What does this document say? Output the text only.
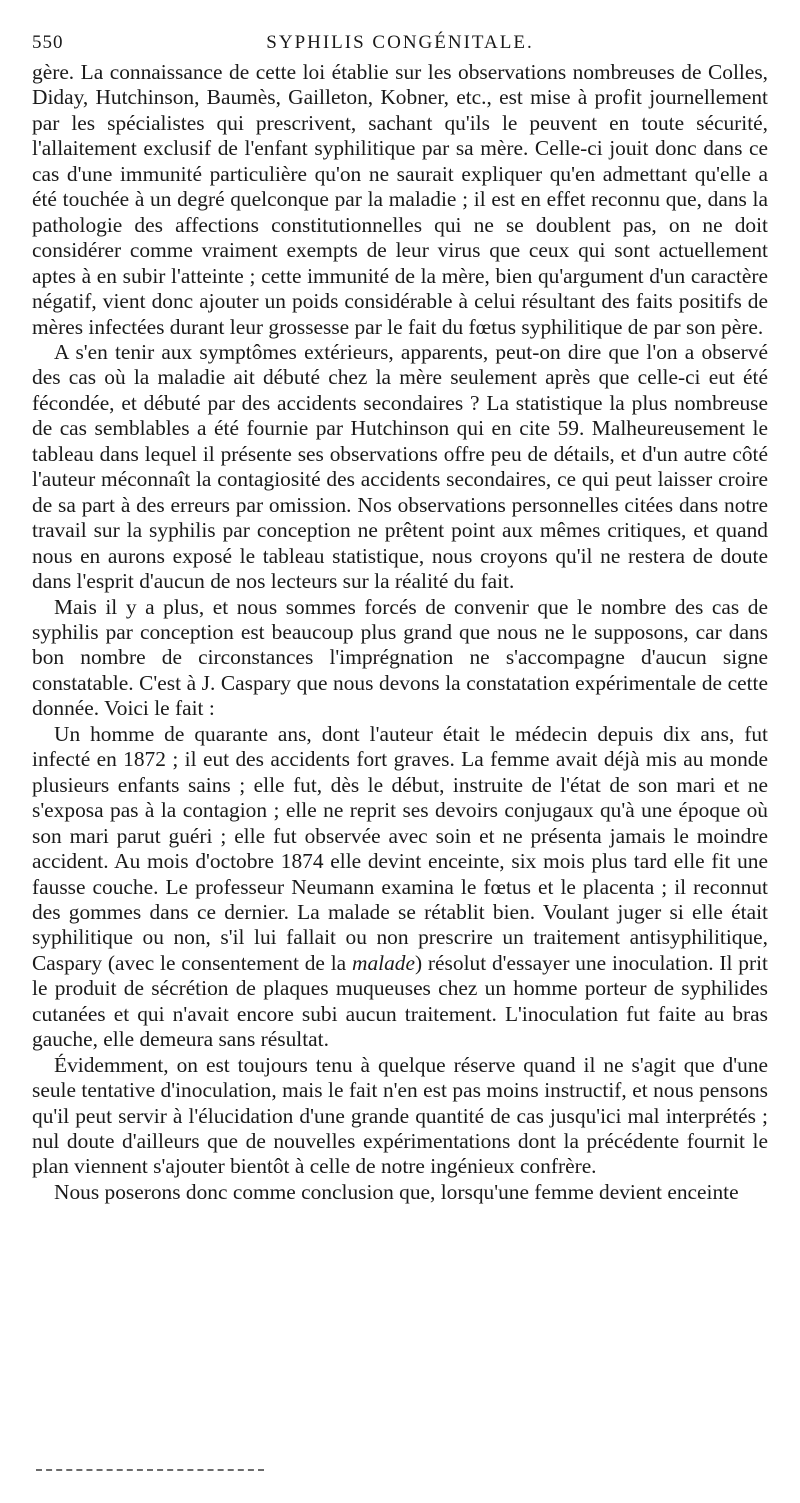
550	SYPHILIS CONGÉNITALE.

gère. La connaissance de cette loi établie sur les observations nombreuses de Colles, Diday, Hutchinson, Baumès, Gailleton, Kobner, etc., est mise à profit journellement par les spécialistes qui prescrivent, sachant qu'ils le peuvent en toute sécurité, l'allaitement exclusif de l'enfant syphilitique par sa mère. Celle-ci jouit donc dans ce cas d'une immunité particulière qu'on ne saurait expliquer qu'en admettant qu'elle a été touchée à un degré quelconque par la maladie ; il est en effet reconnu que, dans la pathologie des affections constitutionnelles qui ne se doublent pas, on ne doit considérer comme vraiment exempts de leur virus que ceux qui sont actuellement aptes à en subir l'atteinte ; cette immunité de la mère, bien qu'argument d'un caractère négatif, vient donc ajouter un poids considérable à celui résultant des faits positifs de mères infectées durant leur grossesse par le fait du fœtus syphilitique de par son père.

A s'en tenir aux symptômes extérieurs, apparents, peut-on dire que l'on a observé des cas où la maladie ait débuté chez la mère seulement après que celle-ci eut été fécondée, et débuté par des accidents secondaires ? La statistique la plus nombreuse de cas semblables a été fournie par Hutchinson qui en cite 59. Malheureusement le tableau dans lequel il présente ses observations offre peu de détails, et d'un autre côté l'auteur méconnaît la contagiosité des accidents secondaires, ce qui peut laisser croire de sa part à des erreurs par omission. Nos observations personnelles citées dans notre travail sur la syphilis par conception ne prêtent point aux mêmes critiques, et quand nous en aurons exposé le tableau statistique, nous croyons qu'il ne restera de doute dans l'esprit d'aucun de nos lecteurs sur la réalité du fait.

Mais il y a plus, et nous sommes forcés de convenir que le nombre des cas de syphilis par conception est beaucoup plus grand que nous ne le supposons, car dans bon nombre de circonstances l'imprégnation ne s'accompagne d'aucun signe constatable. C'est à J. Caspary que nous devons la constatation expérimentale de cette donnée. Voici le fait :

Un homme de quarante ans, dont l'auteur était le médecin depuis dix ans, fut infecté en 1872 ; il eut des accidents fort graves. La femme avait déjà mis au monde plusieurs enfants sains ; elle fut, dès le début, instruite de l'état de son mari et ne s'exposa pas à la contagion ; elle ne reprit ses devoirs conjugaux qu'à une époque où son mari parut guéri ; elle fut observée avec soin et ne présenta jamais le moindre accident. Au mois d'octobre 1874 elle devint enceinte, six mois plus tard elle fit une fausse couche. Le professeur Neumann examina le fœtus et le placenta ; il reconnut des gommes dans ce dernier. La malade se rétablit bien. Voulant juger si elle était syphilitique ou non, s'il lui fallait ou non prescrire un traitement antisyphilitique, Caspary (avec le consentement de la malade) résolut d'essayer une inoculation. Il prit le produit de sécrétion de plaques muqueuses chez un homme porteur de syphilides cutanées et qui n'avait encore subi aucun traitement. L'inoculation fut faite au bras gauche, elle demeura sans résultat.

Évidemment, on est toujours tenu à quelque réserve quand il ne s'agit que d'une seule tentative d'inoculation, mais le fait n'en est pas moins instructif, et nous pensons qu'il peut servir à l'élucidation d'une grande quantité de cas jusqu'ici mal interprétés ; nul doute d'ailleurs que de nouvelles expérimentations dont la précédente fournit le plan viennent s'ajouter bientôt à celle de notre ingénieux confrère.

Nous poserons donc comme conclusion que, lorsqu'une femme devient enceinte
